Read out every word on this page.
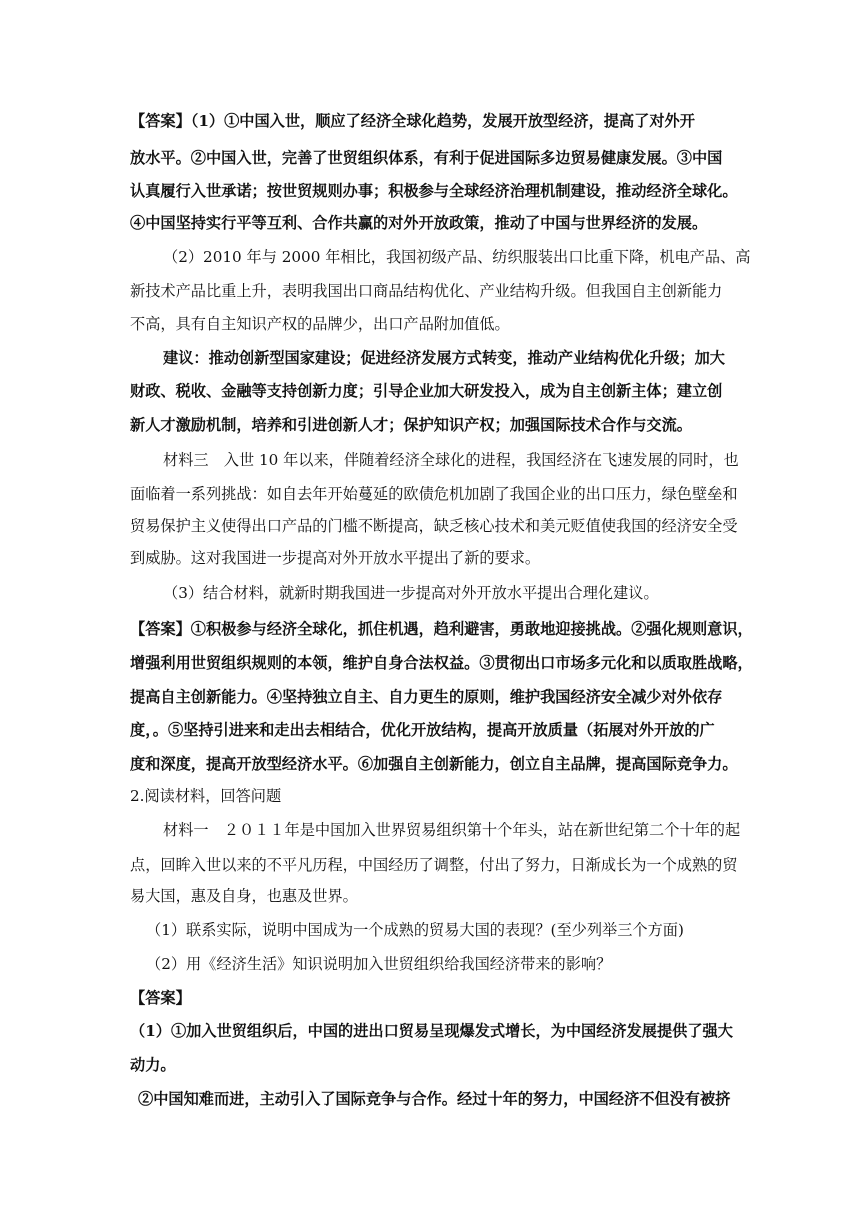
【答案】（1）①中国入世，顺应了经济全球化趋势，发展开放型经济，提高了对外开
放水平。②中国入世，完善了世贸组织体系，有利于促进国际多边贸易健康发展。③中国
认真履行入世承诺；按世贸规则办事；积极参与全球经济治理机制建设，推动经济全球化。
④中国坚持实行平等互利、合作共赢的对外开放政策，推动了中国与世界经济的发展。
（2）2010 年与 2000 年相比，我国初级产品、纺织服装出口比重下降，机电产品、高
新技术产品比重上升，表明我国出口商品结构优化、产业结构升级。但我国自主创新能力
不高，具有自主知识产权的品牌少，出口产品附加值低。
建议：推动创新型国家建设；促进经济发展方式转变，推动产业结构优化升级；加大
财政、税收、金融等支持创新力度；引导企业加大研发投入，成为自主创新主体；建立创
新人才激励机制，培养和引进创新人才；保护知识产权；加强国际技术合作与交流。
材料三　入世 10 年以来，伴随着经济全球化的进程，我国经济在飞速发展的同时，也
面临着一系列挑战：如自去年开始蔓延的欧债危机加剧了我国企业的出口压力，绿色壁垒和
贸易保护主义使得出口产品的门槛不断提高，缺乏核心技术和美元贬值使我国的经济安全受
到威胁。这对我国进一步提高对外开放水平提出了新的要求。
（3）结合材料，就新时期我国进一步提高对外开放水平提出合理化建议。
【答案】①积极参与经济全球化，抓住机遇，趋利避害，勇敢地迎接挑战。②强化规则意识，
增强利用世贸组织规则的本领，维护自身合法权益。③贯彻出口市场多元化和以质取胜战略，
提高自主创新能力。④坚持独立自主、自力更生的原则，维护我国经济安全减少对外依存
度，。⑤坚持引进来和走出去相结合，优化开放结构，提高开放质量（拓展对外开放的广
度和深度，提高开放型经济水平。⑥加强自主创新能力，创立自主品牌，提高国际竞争力。
2.阅读材料，回答问题
材料一　２０１１年是中国加入世界贸易组织第十个年头，站在新世纪第二个十年的起
点，回眸入世以来的不平凡历程，中国经历了调整，付出了努力，日渐成长为一个成熟的贸
易大国，惠及自身，也惠及世界。
（1）联系实际，说明中国成为一个成熟的贸易大国的表现？(至少列举三个方面)
（2）用《经济生活》知识说明加入世贸组织给我国经济带来的影响？
【答案】
（1）①加入世贸组织后，中国的进出口贸易呈现爆发式增长，为中国经济发展提供了强大
动力。
②中国知难而进，主动引入了国际竞争与合作。经过十年的努力，中国经济不但没有被挤
